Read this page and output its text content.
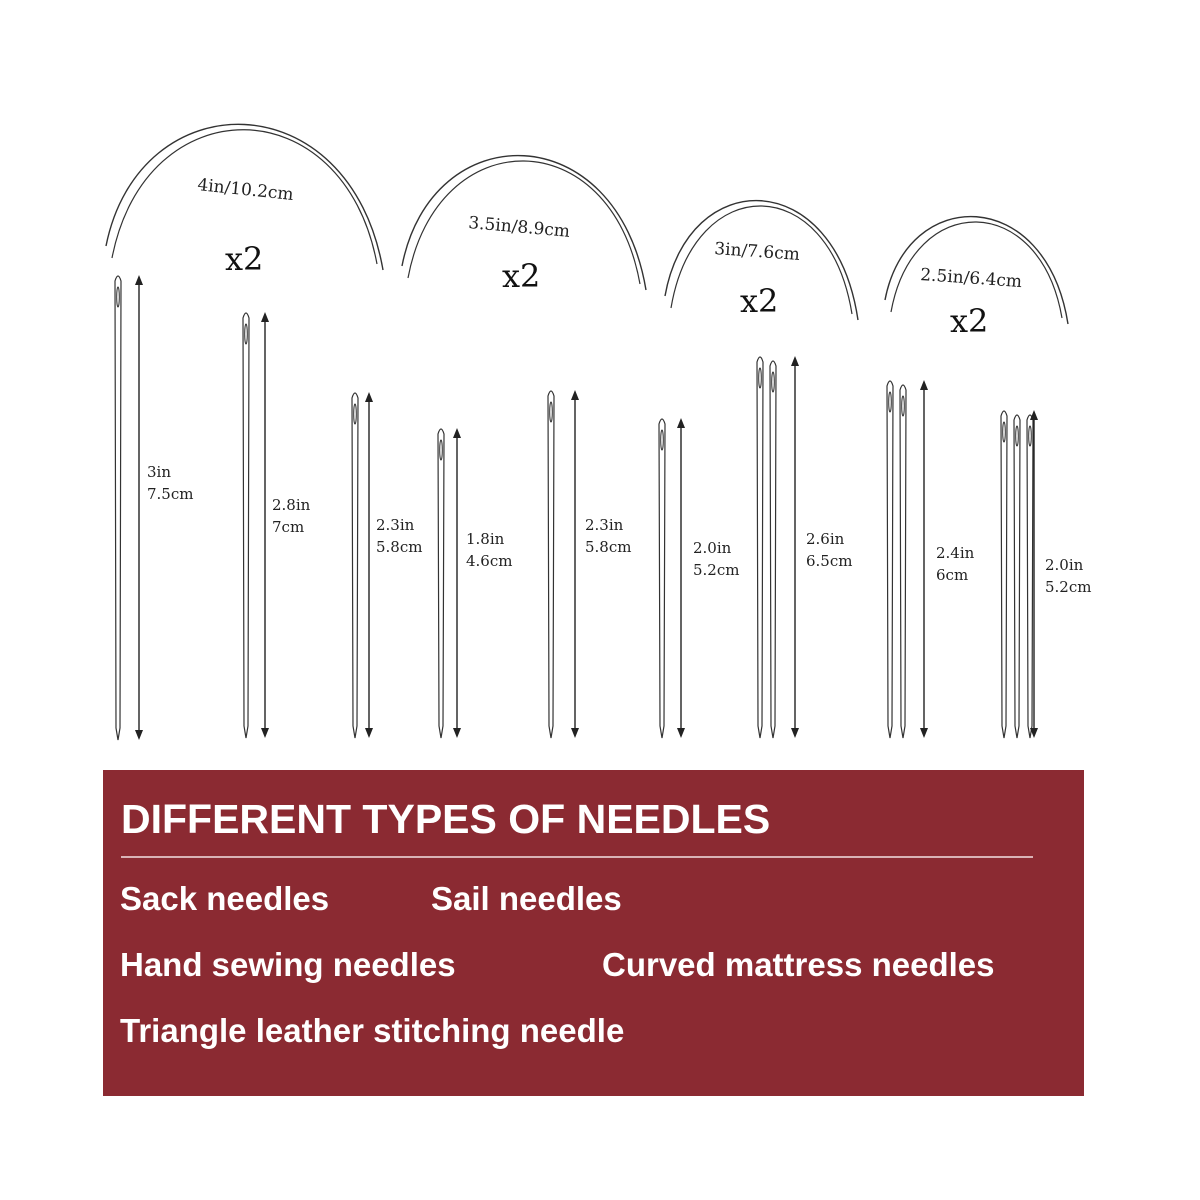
4in/10.2cm
x2
3.5in/8.9cm
x2
3in/7.6cm
x2
2.5in/6.4cm
x2
3in
7.5cm
2.8in
7cm	2.3in
5.8cm	1.8in
4.6cm
2.3in
5.8cm	2.0in
5.2cm
2.6in
6.5cm	2.4in
6cm
2.0in
5.2cm
DIFFERENT TYPES OF NEEDLES
Sack needles	Sail needles
Hand sewing needles	Curved mattress needles
Triangle leather stitching needle
